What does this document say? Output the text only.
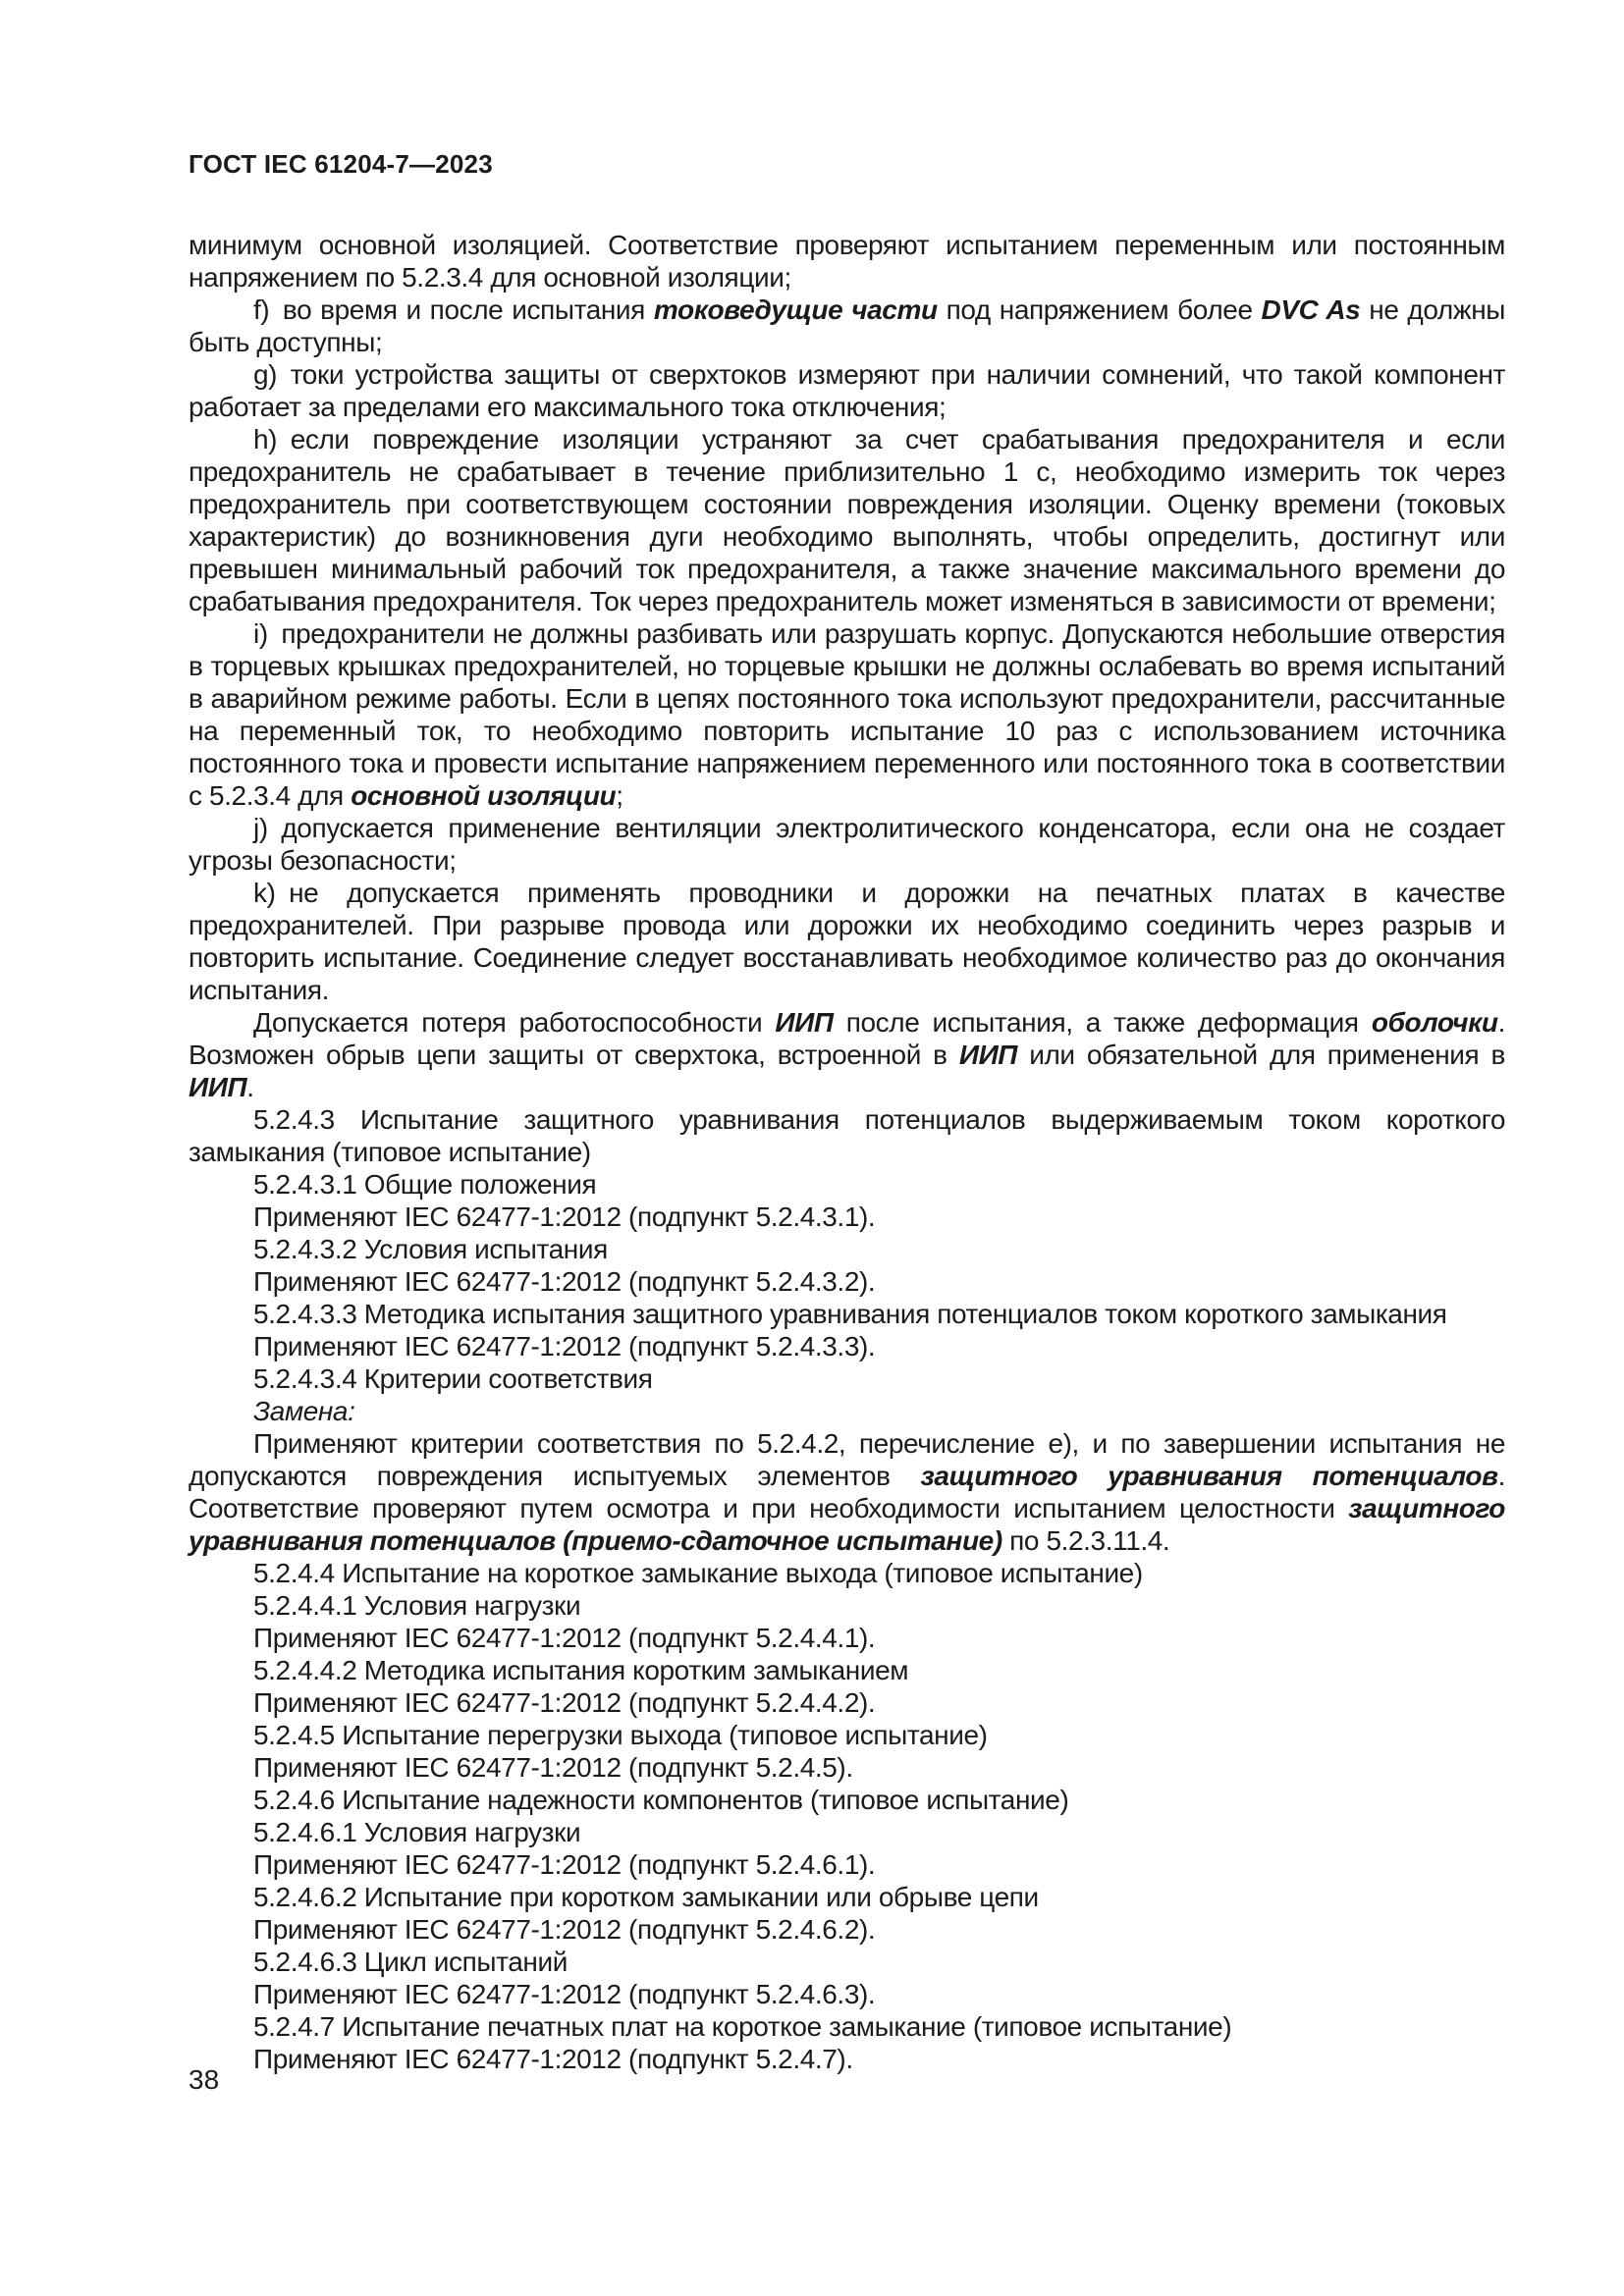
ГОСТ IEC 61204-7—2023

минимум основной изоляцией. Соответствие проверяют испытанием переменным или постоянным напряжением по 5.2.3.4 для основной изоляции;

f) во время и после испытания токоведущие части под напряжением более DVC As не должны быть доступны;

g) токи устройства защиты от сверхтоков измеряют при наличии сомнений, что такой компонент работает за пределами его максимального тока отключения;

h) если повреждение изоляции устраняют за счет срабатывания предохранителя и если предохранитель не срабатывает в течение приблизительно 1 с, необходимо измерить ток через предохранитель при соответствующем состоянии повреждения изоляции. Оценку времени (токовых характеристик) до возникновения дуги необходимо выполнять, чтобы определить, достигнут или превышен минимальный рабочий ток предохранителя, а также значение максимального времени до срабатывания предохранителя. Ток через предохранитель может изменяться в зависимости от времени;

i) предохранители не должны разбивать или разрушать корпус. Допускаются небольшие отверстия в торцевых крышках предохранителей, но торцевые крышки не должны ослабевать во время испытаний в аварийном режиме работы. Если в цепях постоянного тока используют предохранители, рассчитанные на переменный ток, то необходимо повторить испытание 10 раз с использованием источника постоянного тока и провести испытание напряжением переменного или постоянного тока в соответствии с 5.2.3.4 для основной изоляции;

j) допускается применение вентиляции электролитического конденсатора, если она не создает угрозы безопасности;

k) не допускается применять проводники и дорожки на печатных платах в качестве предохранителей. При разрыве провода или дорожки их необходимо соединить через разрыв и повторить испытание. Соединение следует восстанавливать необходимое количество раз до окончания испытания.

Допускается потеря работоспособности ИИП после испытания, а также деформация оболочки. Возможен обрыв цепи защиты от сверхтока, встроенной в ИИП или обязательной для применения в ИИП.

5.2.4.3 Испытание защитного уравнивания потенциалов выдерживаемым током короткого замыкания (типовое испытание)

5.2.4.3.1 Общие положения

Применяют IEC 62477-1:2012 (подпункт 5.2.4.3.1).

5.2.4.3.2 Условия испытания

Применяют IEC 62477-1:2012 (подпункт 5.2.4.3.2).

5.2.4.3.3 Методика испытания защитного уравнивания потенциалов током короткого замыкания

Применяют IEC 62477-1:2012 (подпункт 5.2.4.3.3).

5.2.4.3.4 Критерии соответствия

Замена:

Применяют критерии соответствия по 5.2.4.2, перечисление e), и по завершении испытания не допускаются повреждения испытуемых элементов защитного уравнивания потенциалов. Соответствие проверяют путем осмотра и при необходимости испытанием целостности защитного уравнивания потенциалов (приемо-сдаточное испытание) по 5.2.3.11.4.

5.2.4.4 Испытание на короткое замыкание выхода (типовое испытание)

5.2.4.4.1 Условия нагрузки

Применяют IEC 62477-1:2012 (подпункт 5.2.4.4.1).

5.2.4.4.2 Методика испытания коротким замыканием

Применяют IEC 62477-1:2012 (подпункт 5.2.4.4.2).

5.2.4.5 Испытание перегрузки выхода (типовое испытание)

Применяют IEC 62477-1:2012 (подпункт 5.2.4.5).

5.2.4.6 Испытание надежности компонентов (типовое испытание)

5.2.4.6.1 Условия нагрузки

Применяют IEC 62477-1:2012 (подпункт 5.2.4.6.1).

5.2.4.6.2 Испытание при коротком замыкании или обрыве цепи

Применяют IEC 62477-1:2012 (подпункт 5.2.4.6.2).

5.2.4.6.3 Цикл испытаний

Применяют IEC 62477-1:2012 (подпункт 5.2.4.6.3).

5.2.4.7 Испытание печатных плат на короткое замыкание (типовое испытание)

Применяют IEC 62477-1:2012 (подпункт 5.2.4.7).

38
